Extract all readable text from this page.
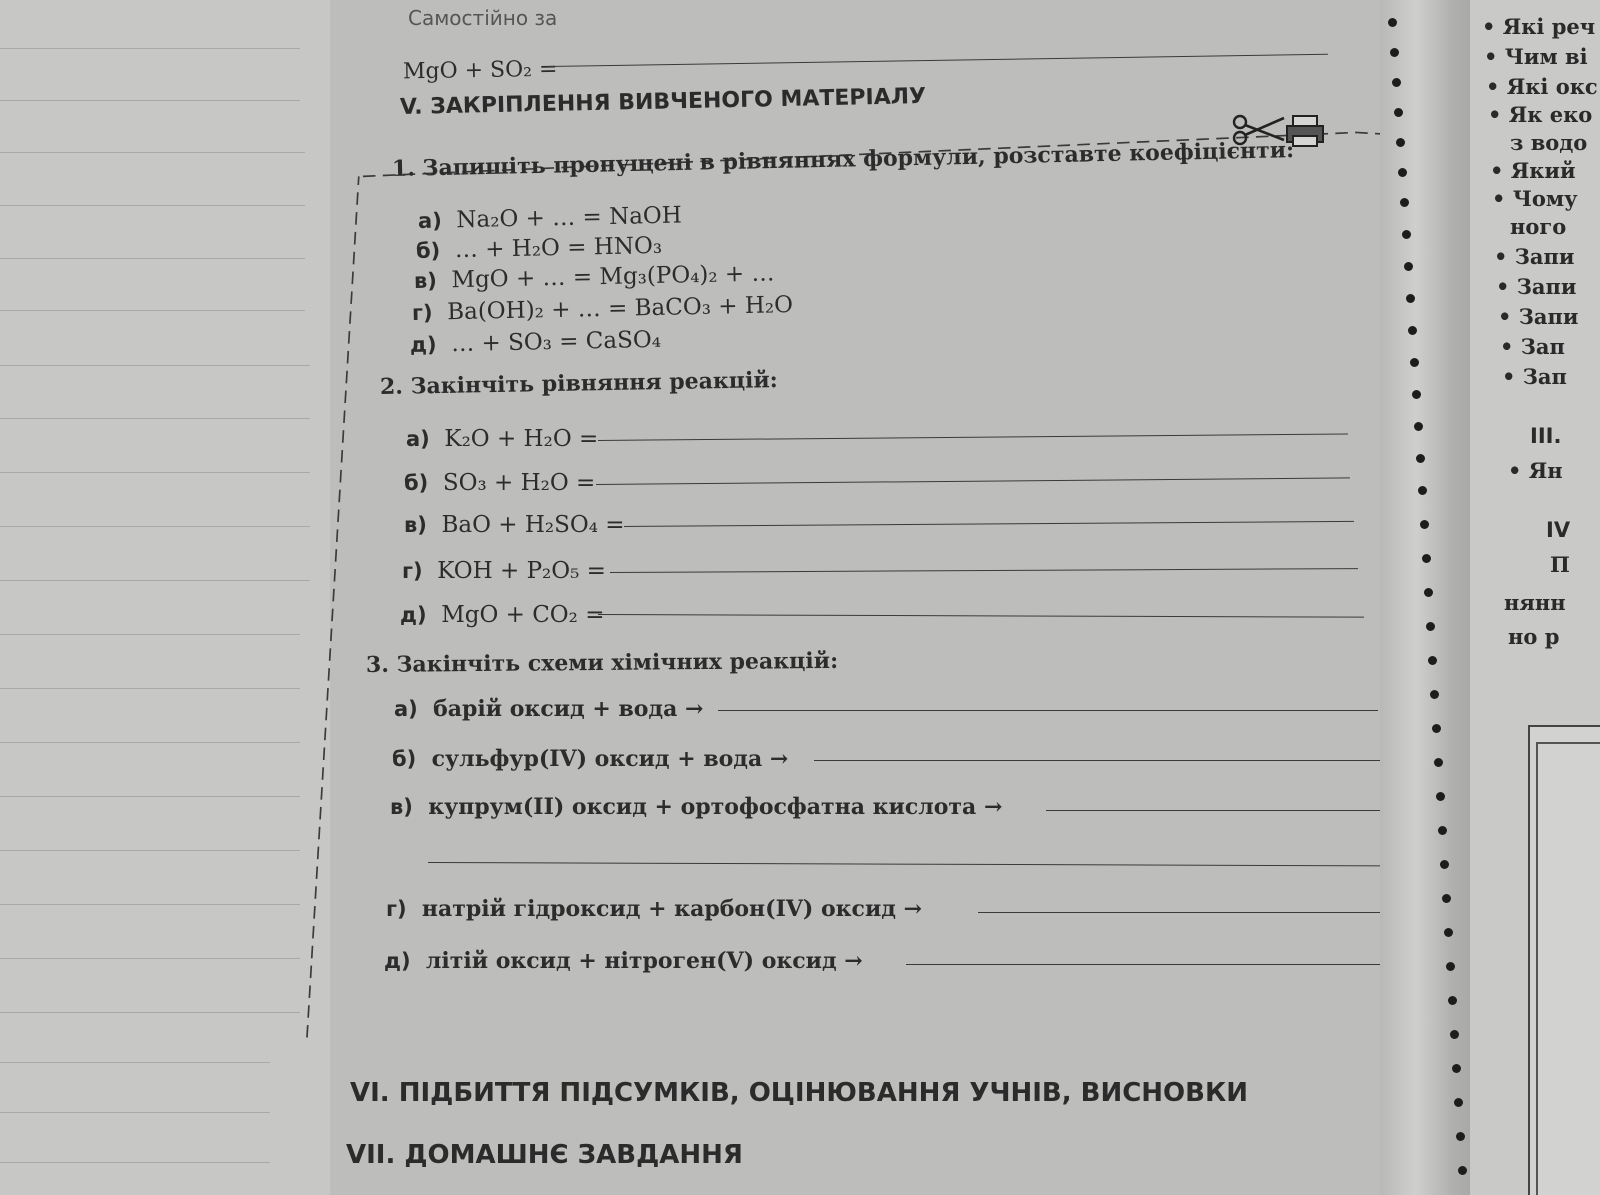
Самостійно за
MgO + SO₂ =
V. ЗАКРІПЛЕННЯ ВИВЧЕНОГО МАТЕРІАЛУ
1. Запишіть пропущені в рівняннях формули, розставте коефіцієнти:
а) Na₂O + … = NaOH
б) … + H₂O = HNO₃
в) MgO + … = Mg₃(PO₄)₂ + …
г) Ba(OH)₂ + … = BaCO₃ + H₂O
д) … + SO₃ = CaSO₄
2. Закінчіть рівняння реакцій:
а) K₂O + H₂O =
б) SO₃ + H₂O =
в) BaO + H₂SO₄ =
г) KOH + P₂O₅ =
д) MgO + CO₂ =
3. Закінчіть схеми хімічних реакцій:
а) барій оксид + вода →
б) сульфур(IV) оксид + вода →
в) купрум(II) оксид + ортофосфатна кислота →
г) натрій гідроксид + карбон(IV) оксид →
д) літій оксид + нітроген(V) оксид →
VI. ПІДБИТТЯ ПІДСУМКІВ, ОЦІНЮВАННЯ УЧНІВ, ВИСНОВКИ
VII. ДОМАШНЄ ЗАВДАННЯ
• Які реч
• Чим ві
• Які окс
• Як еко
з водо
• Який
• Чому
ного
• Запи
• Запи
• Запи
• Зап
• Зап
III.
• Ян
IV
П
нянн
но р
